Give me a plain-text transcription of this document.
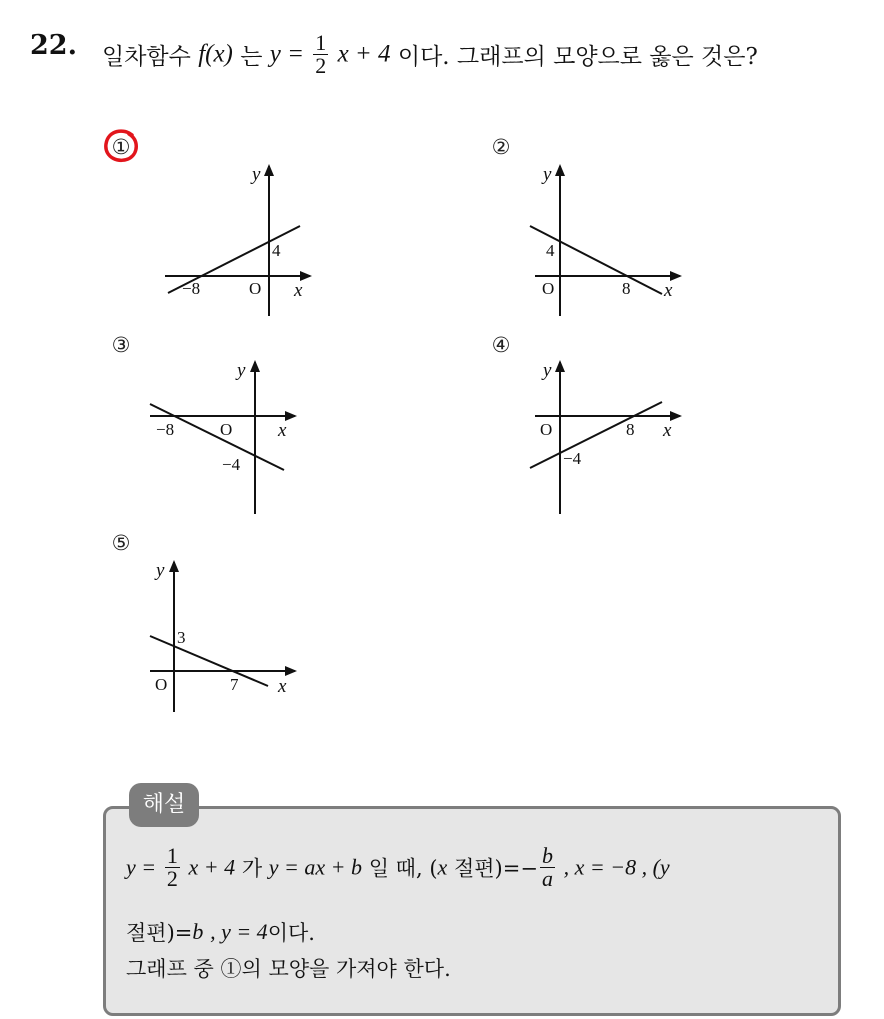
22. 일차함수 f(x) 는 $y = \frac{1}{2}$ x + 4 이다. 그래프의 모양으로 옳은 것은?
①
y
x
4
−8	O
②
y
x
4
8
O
③
y
x
−4
−8	O
④
y
x
−4
8
O
⑤
y
x
3
7
O
해설
$y = \frac{1}{2}$ x + 4 가 y = ax + b 일 때, (x 절편)=− $\frac{b}{a}$ , x = −8 , (y
절편)=b , y = 4이다.
그래프 중 ①의 모양을 가져야 한다.
